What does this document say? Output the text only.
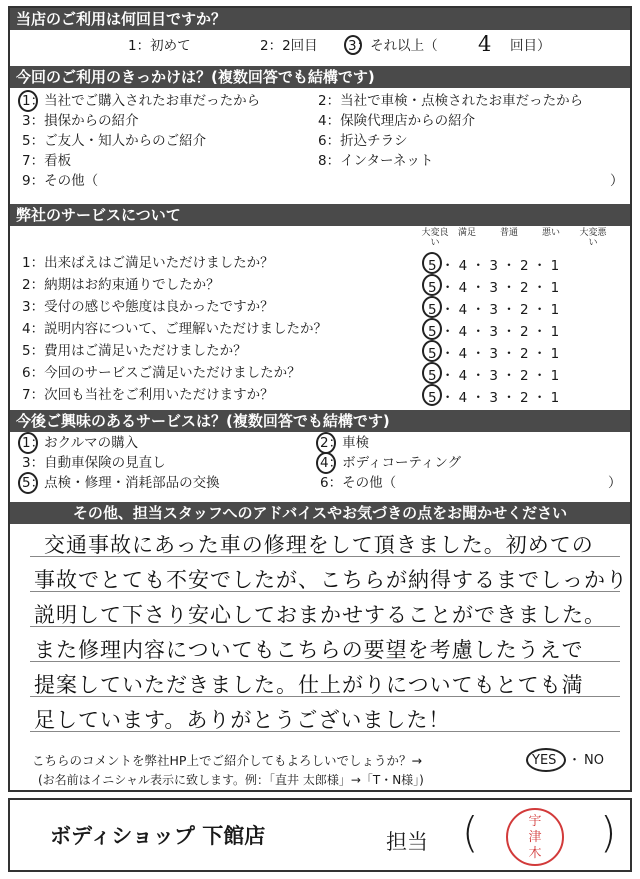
当店のご利用は何回目ですか？
1：初めて	2：2回目 3：それ以上（ 4 回目）
今回のご利用のきっかけは？(複数回答でも結構です)
1：当社でご購入されたお車だったから	2：当社で車検・点検されたお車だったから
3：損保からの紹介	4：保険代理店からの紹介
5：ご友人・知人からのご紹介	6：折込チラシ
7：看板	8：インターネット
9：その他（	）
弊社のサービスについて
大変良い
満足	普通	悪い 大変悪い
1：出来ばえはご満足いただけましたか？	5 ・ 4 ・ 3 ・ 2 ・ 1
2：納期はお約束通りでしたか？	5 ・ 4 ・ 3 ・ 2 ・ 1
3：受付の感じや態度は良かったですか？	5 ・ 4 ・ 3 ・ 2 ・ 1
4：説明内容について、ご理解いただけましたか？	5 ・ 4 ・ 3 ・ 2 ・ 1
5：費用はご満足いただけましたか？	5 ・ 4 ・ 3 ・ 2 ・ 1
6：今回のサービスご満足いただけましたか？	5 ・ 4 ・ 3 ・ 2 ・ 1
7：次回も当社をご利用いただけますか？	5 ・ 4 ・ 3 ・ 2 ・ 1
今後ご興味のあるサービスは？(複数回答でも結構です)
1：おクルマの購入	2：車検
3：自動車保険の見直し	4：ボディコーティング
5：点検・修理・消耗部品の交換	6：その他（	）
その他、担当スタッフへのアドバイスやお気づきの点をお聞かせください
交通事故にあった車の修理をして頂きました。初めての
事故でとても不安でしたが、こちらが納得するまでしっかり
説明して下さり安心しておまかせすることができました。
また修理内容についてもこちらの要望を考慮したうえで
提案していただきました。仕上がりについてもとても満
足しています。ありがとうございました！
こちらのコメントを弊社HP上でご紹介してもよろしいでしょうか？→	YES ・ NO
(お名前はイニシャル表示に致します。例：「直井 太郎様」→「T・N様」)
ボディショップ 下館店	担当 (	)
宇津木
